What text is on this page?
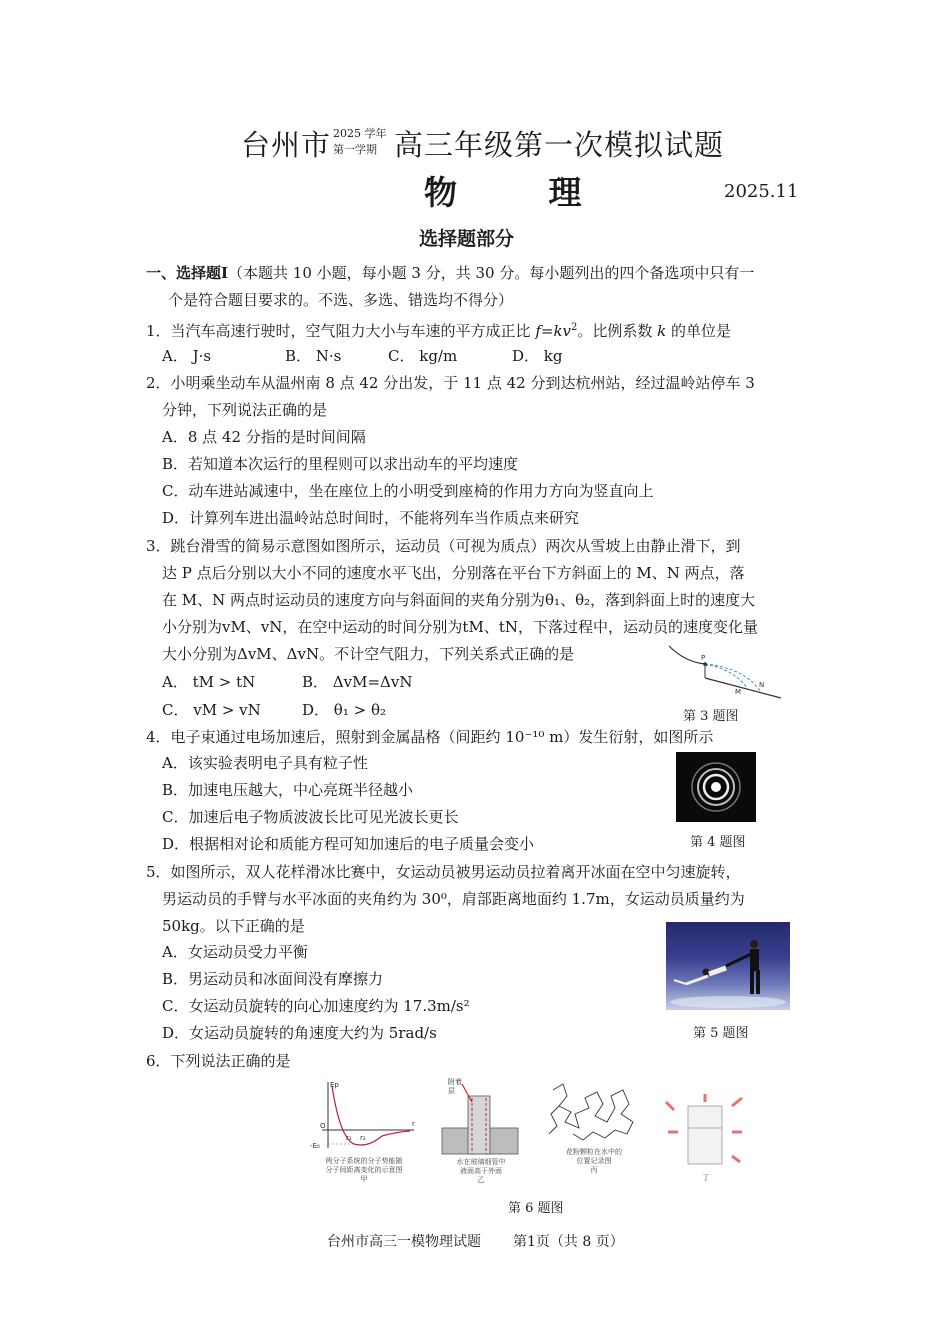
台州市 2025 学年
第一学期 高三年级第一次模拟试题
物 理	2025.11
选择题部分
一、选择题Ⅰ（本题共 10 小题，每小题 3 分，共 30 分。每小题列出的四个备选项中只有一
个是符合题目要求的。不选、多选、错选均不得分）
1．当汽车高速行驶时，空气阻力大小与车速的平方成正比 $f=kv^2$。比例系数 k 的单位是
A． J·s	B． N·s	C． kg/m	D． kg
2．小明乘坐动车从温州南 8 点 42 分出发，于 11 点 42 分到达杭州站，经过温岭站停车 3
分钟，下列说法正确的是
A．8 点 42 分指的是时间间隔
B．若知道本次运行的里程则可以求出动车的平均速度
C．动车进站减速中，坐在座位上的小明受到座椅的作用力方向为竖直向上
D．计算列车进出温岭站总时间时，不能将列车当作质点来研究
3．跳台滑雪的简易示意图如图所示，运动员（可视为质点）两次从雪坡上由静止滑下，到
达 P 点后分别以大小不同的速度水平飞出，分别落在平台下方斜面上的 M、N 两点，落
在 M、N 两点时运动员的速度方向与斜面间的夹角分别为θ₁、θ₂，落到斜面上时的速度大
小分别为vM、vN，在空中运动的时间分别为tM、tN，下落过程中，运动员的速度变化量
大小分别为ΔvM、ΔvN。不计空气阻力，下列关系式正确的是
A． tM > tN	B． ΔvM=ΔvN
C． vM > vN	D． θ₁ > θ₂
P
M
N
第 3 题图
4．电子束通过电场加速后，照射到金属晶格（间距约 10⁻¹⁰ m）发生衍射，如图所示
A．该实验表明电子具有粒子性
B．加速电压越大，中心亮斑半径越小
C．加速后电子物质波波长比可见光波长更长
D．根据相对论和质能方程可知加速后的电子质量会变小	第 4 题图
5．如图所示，双人花样滑冰比赛中，女运动员被男运动员拉着离开冰面在空中匀速旋转，
男运动员的手臂与水平冰面的夹角约为 30⁰，肩部距离地面约 1.7m，女运动员质量约为
50kg。以下正确的是
A．女运动员受力平衡
B．男运动员和冰面间没有摩擦力
C．女运动员旋转的向心加速度约为 17.3m/s²
D．女运动员旋转的角速度大约为 5rad/s	第 5 题图
6．下列说法正确的是
Ep
r
O
r₁ r₂
-E₀
两分子系统的分子势能随
分子间距离变化的示意图
甲
附着
层
水在玻璃细管中
液面高于外面
乙
花粉颗粒在水中的
位置记录图
丙
丁
第 6 题图
台州市高三一模物理试题 第1页（共 8 页）
